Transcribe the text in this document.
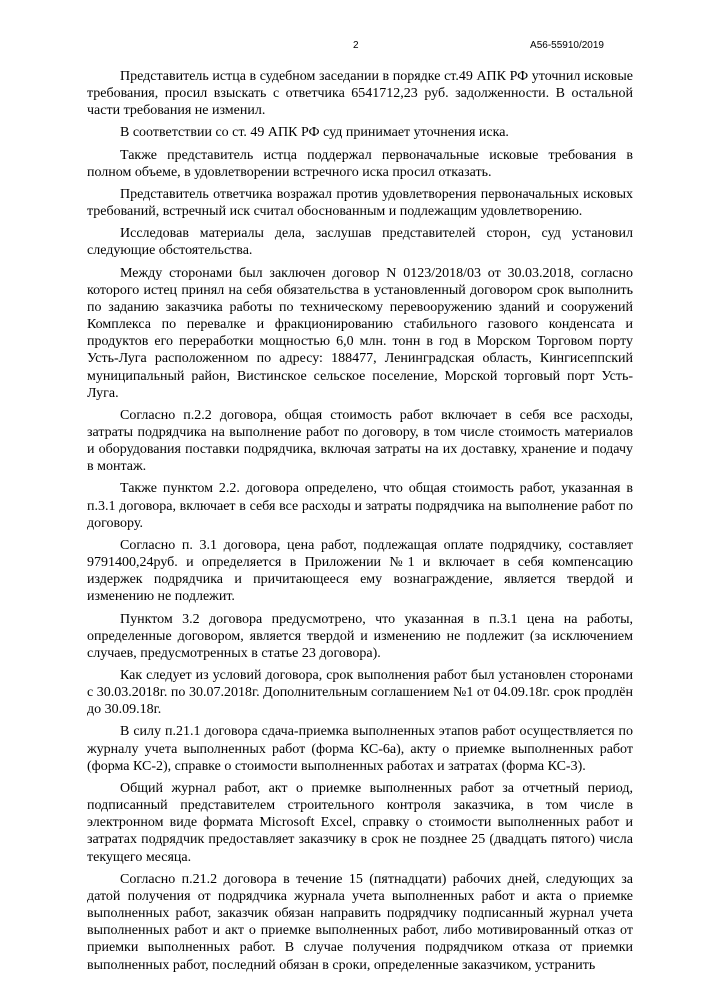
2	А56-55910/2019

Представитель истца в судебном заседании в порядке ст.49 АПК РФ уточнил исковые требования, просил взыскать с ответчика 6541712,23 руб. задолженности. В остальной части требования не изменил.

В соответствии со ст. 49 АПК РФ суд принимает уточнения иска.

Также представитель истца поддержал первоначальные исковые требования в полном объеме, в удовлетворении встречного иска просил отказать.

Представитель ответчика возражал против удовлетворения первоначальных исковых требований, встречный иск считал обоснованным и подлежащим удовлетворению.

Исследовав материалы дела, заслушав представителей сторон, суд установил следующие обстоятельства.

Между сторонами был заключен договор N 0123/2018/03 от 30.03.2018, согласно которого истец принял на себя обязательства в установленный договором срок выполнить по заданию заказчика работы по техническому перевооружению зданий и сооружений Комплекса по перевалке и фракционированию стабильного газового конденсата и продуктов его переработки мощностью 6,0 млн. тонн в год в Морском Торговом порту Усть-Луга расположенном по адресу: 188477, Ленинградская область, Кингисеппский муниципальный район, Вистинское сельское поселение, Морской торговый порт Усть-Луга.

Согласно п.2.2 договора, общая стоимость работ включает в себя все расходы, затраты подрядчика на выполнение работ по договору, в том числе стоимость материалов и оборудования поставки подрядчика, включая затраты на их доставку, хранение и подачу в монтаж.

Также пунктом 2.2. договора определено, что общая стоимость работ, указанная в п.3.1 договора, включает в себя все расходы и затраты подрядчика на выполнение работ по договору.

Согласно п. 3.1 договора, цена работ, подлежащая оплате подрядчику, составляет 9791400,24руб. и определяется в Приложении №1 и включает в себя компенсацию издержек подрядчика и причитающееся ему вознаграждение, является твердой и изменению не подлежит.

Пунктом 3.2 договора предусмотрено, что указанная в п.3.1 цена на работы, определенные договором, является твердой и изменению не подлежит (за исключением случаев, предусмотренных в статье 23 договора).

Как следует из условий договора, срок выполнения работ был установлен сторонами с 30.03.2018г. по 30.07.2018г. Дополнительным соглашением №1 от 04.09.18г. срок продлён до 30.09.18г.

В силу п.21.1 договора сдача-приемка выполненных этапов работ осуществляется по журналу учета выполненных работ (форма КС-6а), акту о приемке выполненных работ (форма КС-2), справке о стоимости выполненных работах и затратах (форма КС-3).

Общий журнал работ, акт о приемке выполненных работ за отчетный период, подписанный представителем строительного контроля заказчика, в том числе в электронном виде формата Microsoft Excel, справку о стоимости выполненных работ и затратах подрядчик предоставляет заказчику в срок не позднее 25 (двадцать пятого) числа текущего месяца.

Согласно п.21.2 договора в течение 15 (пятнадцати) рабочих дней, следующих за датой получения от подрядчика журнала учета выполненных работ и акта о приемке выполненных работ, заказчик обязан направить подрядчику подписанный журнал учета выполненных работ и акт о приемке выполненных работ, либо мотивированный отказ от приемки выполненных работ. В случае получения подрядчиком отказа от приемки выполненных работ, последний обязан в сроки, определенные заказчиком, устранить
